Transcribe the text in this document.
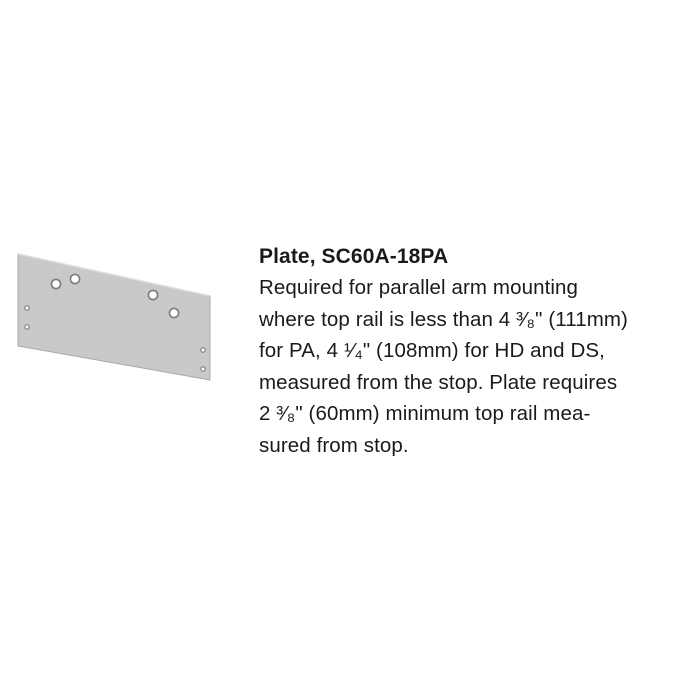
Plate, SC60A-18PA

Required for parallel arm mounting
where top rail is less than 4 ³⁄₈" (111mm)
for PA, 4 ¹⁄₄" (108mm) for HD and DS,
measured from the stop. Plate requires
2 ³⁄₈" (60mm) minimum top rail mea-
sured from stop.
